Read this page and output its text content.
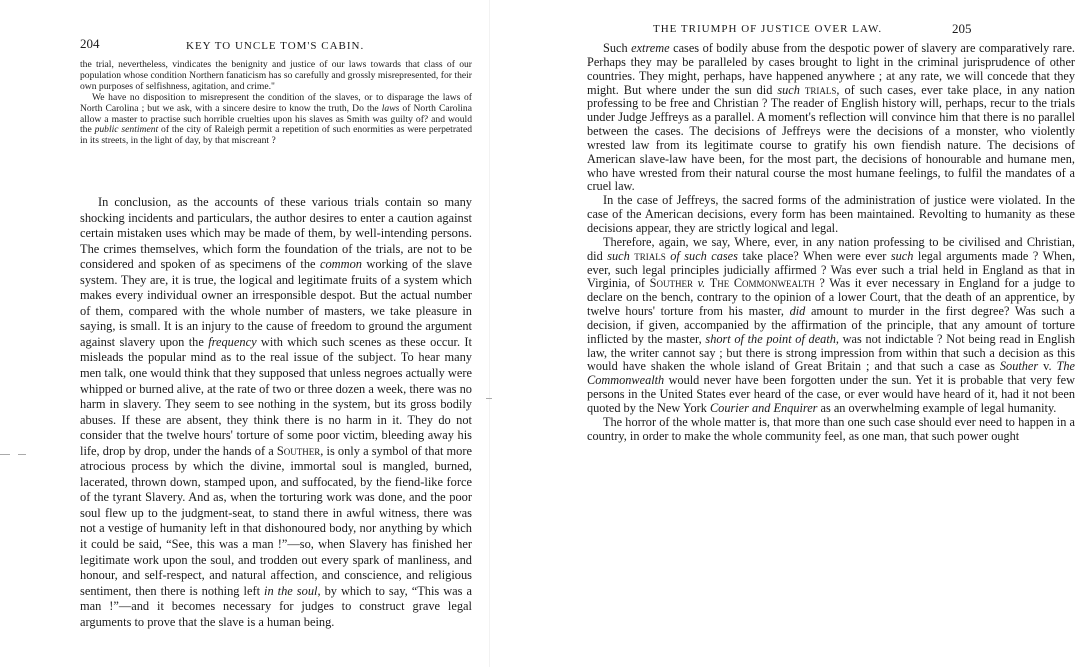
204	KEY TO UNCLE TOM'S CABIN.

the trial, nevertheless, vindicates the benignity and justice of our laws towards that class of our population whose condition Northern fanaticism has so carefully and grossly misrepresented, for their own purposes of selfishness, agitation, and crime."

We have no disposition to misrepresent the condition of the slaves, or to disparage the laws of North Carolina ; but we ask, with a sincere desire to know the truth, Do the laws of North Carolina allow a master to practise such horrible cruelties upon his slaves as Smith was guilty of? and would the public sentiment of the city of Raleigh permit a repetition of such enormities as were perpetrated in its streets, in the light of day, by that miscreant ?

In conclusion, as the accounts of these various trials contain so many shocking incidents and particulars, the author desires to enter a caution against certain mistaken uses which may be made of them, by well-intending persons. The crimes themselves, which form the foundation of the trials, are not to be considered and spoken of as specimens of the common working of the slave system. They are, it is true, the logical and legitimate fruits of a system which makes every individual owner an irresponsible despot. But the actual number of them, compared with the whole number of masters, we take pleasure in saying, is small. It is an injury to the cause of freedom to ground the argument against slavery upon the frequency with which such scenes as these occur. It misleads the popular mind as to the real issue of the subject. To hear many men talk, one would think that they supposed that unless negroes actually were whipped or burned alive, at the rate of two or three dozen a week, there was no harm in slavery. They seem to see nothing in the system, but its gross bodily abuses. If these are absent, they think there is no harm in it. They do not consider that the twelve hours' torture of some poor victim, bleeding away his life, drop by drop, under the hands of a Souther, is only a symbol of that more atrocious process by which the divine, immortal soul is mangled, burned, lacerated, thrown down, stamped upon, and suffocated, by the fiend-like force of the tyrant Slavery. And as, when the torturing work was done, and the poor soul flew up to the judgment-seat, to stand there in awful witness, there was not a vestige of humanity left in that dishonoured body, nor anything by which it could be said, “See, this was a man !”—so, when Slavery has finished her legitimate work upon the soul, and trodden out every spark of manliness, and honour, and self-respect, and natural affection, and conscience, and religious sentiment, then there is nothing left in the soul, by which to say, “This was a man !”—and it becomes necessary for judges to construct grave legal arguments to prove that the slave is a human being.

THE TRIUMPH OF JUSTICE OVER LAW.	205

Such extreme cases of bodily abuse from the despotic power of slavery are comparatively rare. Perhaps they may be paralleled by cases brought to light in the criminal jurisprudence of other countries. They might, perhaps, have happened anywhere ; at any rate, we will concede that they might. But where under the sun did such trials, of such cases, ever take place, in any nation professing to be free and Christian ? The reader of English history will, perhaps, recur to the trials under Judge Jeffreys as a parallel. A moment's reflection will convince him that there is no parallel between the cases. The decisions of Jeffreys were the decisions of a monster, who violently wrested law from its legitimate course to gratify his own fiendish nature. The decisions of American slave-law have been, for the most part, the decisions of honourable and humane men, who have wrested from their natural course the most humane feelings, to fulfil the mandates of a cruel law.

In the case of Jeffreys, the sacred forms of the administration of justice were violated. In the case of the American decisions, every form has been maintained. Revolting to humanity as these decisions appear, they are strictly logical and legal.

Therefore, again, we say, Where, ever, in any nation professing to be civilised and Christian, did such trials of such cases take place? When were ever such legal arguments made ? When, ever, such legal principles judicially affirmed ? Was ever such a trial held in England as that in Virginia, of Souther v. The Commonwealth ? Was it ever necessary in England for a judge to declare on the bench, contrary to the opinion of a lower Court, that the death of an apprentice, by twelve hours' torture from his master, did amount to murder in the first degree? Was such a decision, if given, accompanied by the affirmation of the principle, that any amount of torture inflicted by the master, short of the point of death, was not indictable ? Not being read in English law, the writer cannot say ; but there is strong impression from within that such a decision as this would have shaken the whole island of Great Britain ; and that such a case as Souther v. The Commonwealth would never have been forgotten under the sun. Yet it is probable that very few persons in the United States ever heard of the case, or ever would have heard of it, had it not been quoted by the New York Courier and Enquirer as an overwhelming example of legal humanity.

The horror of the whole matter is, that more than one such case should ever need to happen in a country, in order to make the whole community feel, as one man, that such power ought
